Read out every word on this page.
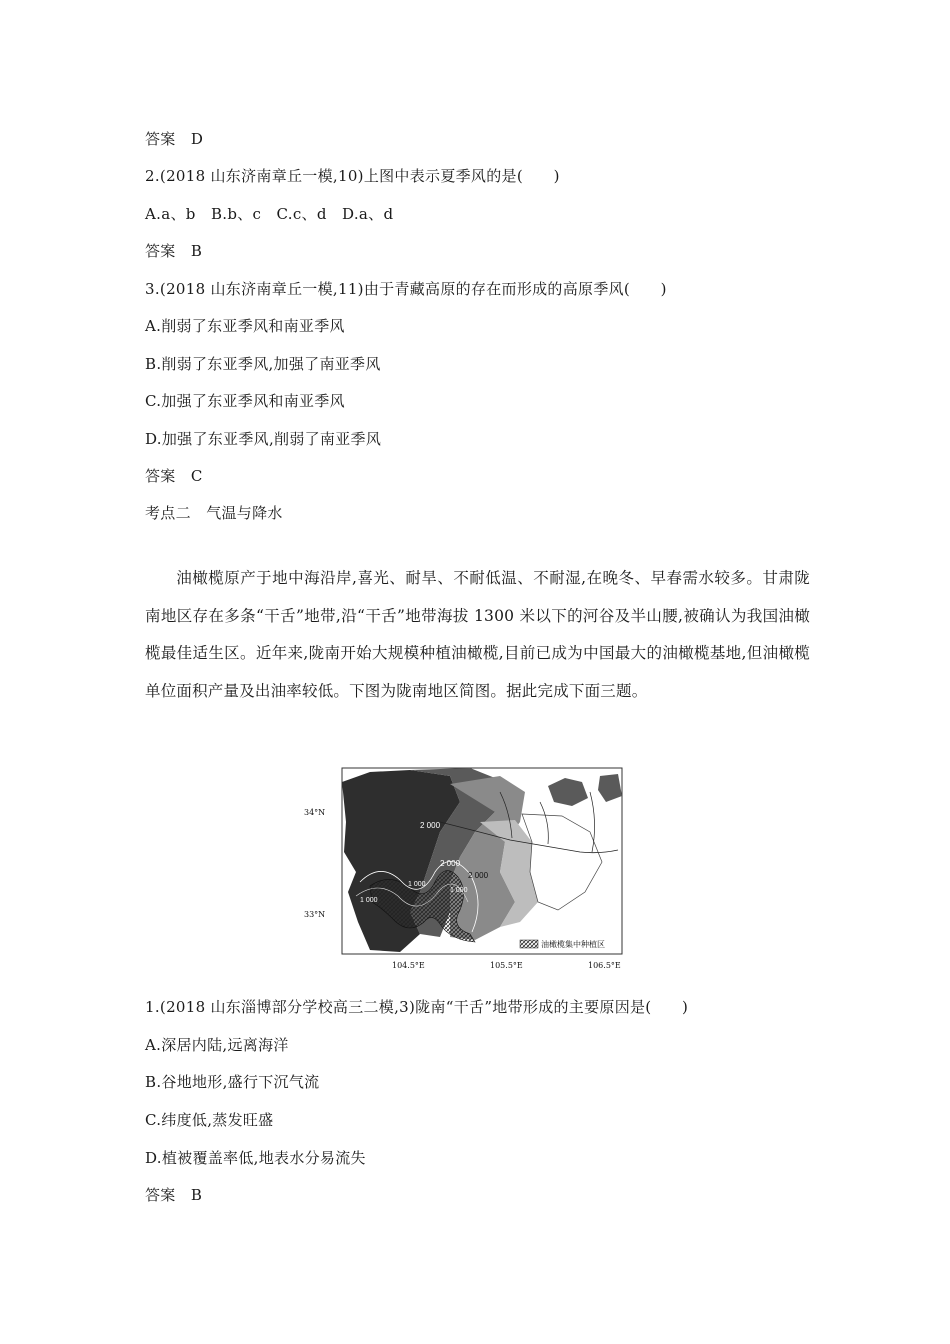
答案　D
2.(2018 山东济南章丘一模,10)上图中表示夏季风的是(　　)
A.a、b　B.b、c　C.c、d　D.a、d
答案　B
3.(2018 山东济南章丘一模,11)由于青藏高原的存在而形成的高原季风(　　)
A.削弱了东亚季风和南亚季风
B.削弱了东亚季风,加强了南亚季风
C.加强了东亚季风和南亚季风
D.加强了东亚季风,削弱了南亚季风
答案　C
考点二　气温与降水
油橄榄原产于地中海沿岸,喜光、耐旱、不耐低温、不耐湿,在晚冬、早春需水较多。甘肃陇南地区存在多条“干舌”地带,沿“干舌”地带海拔 1300 米以下的河谷及半山腰,被确认为我国油橄榄最佳适生区。近年来,陇南开始大规模种植油橄榄,目前已成为中国最大的油橄榄基地,但油橄榄单位面积产量及出油率较低。下图为陇南地区简图。据此完成下面三题。
2 000
2 000
2 000
1 000
1 000
1 000
油橄榄集中种植区
34°N
33°N
104.5°E	105.5°E	106.5°E
1.(2018 山东淄博部分学校高三二模,3)陇南“干舌”地带形成的主要原因是(　　)
A.深居内陆,远离海洋
B.谷地地形,盛行下沉气流
C.纬度低,蒸发旺盛
D.植被覆盖率低,地表水分易流失
答案　B
